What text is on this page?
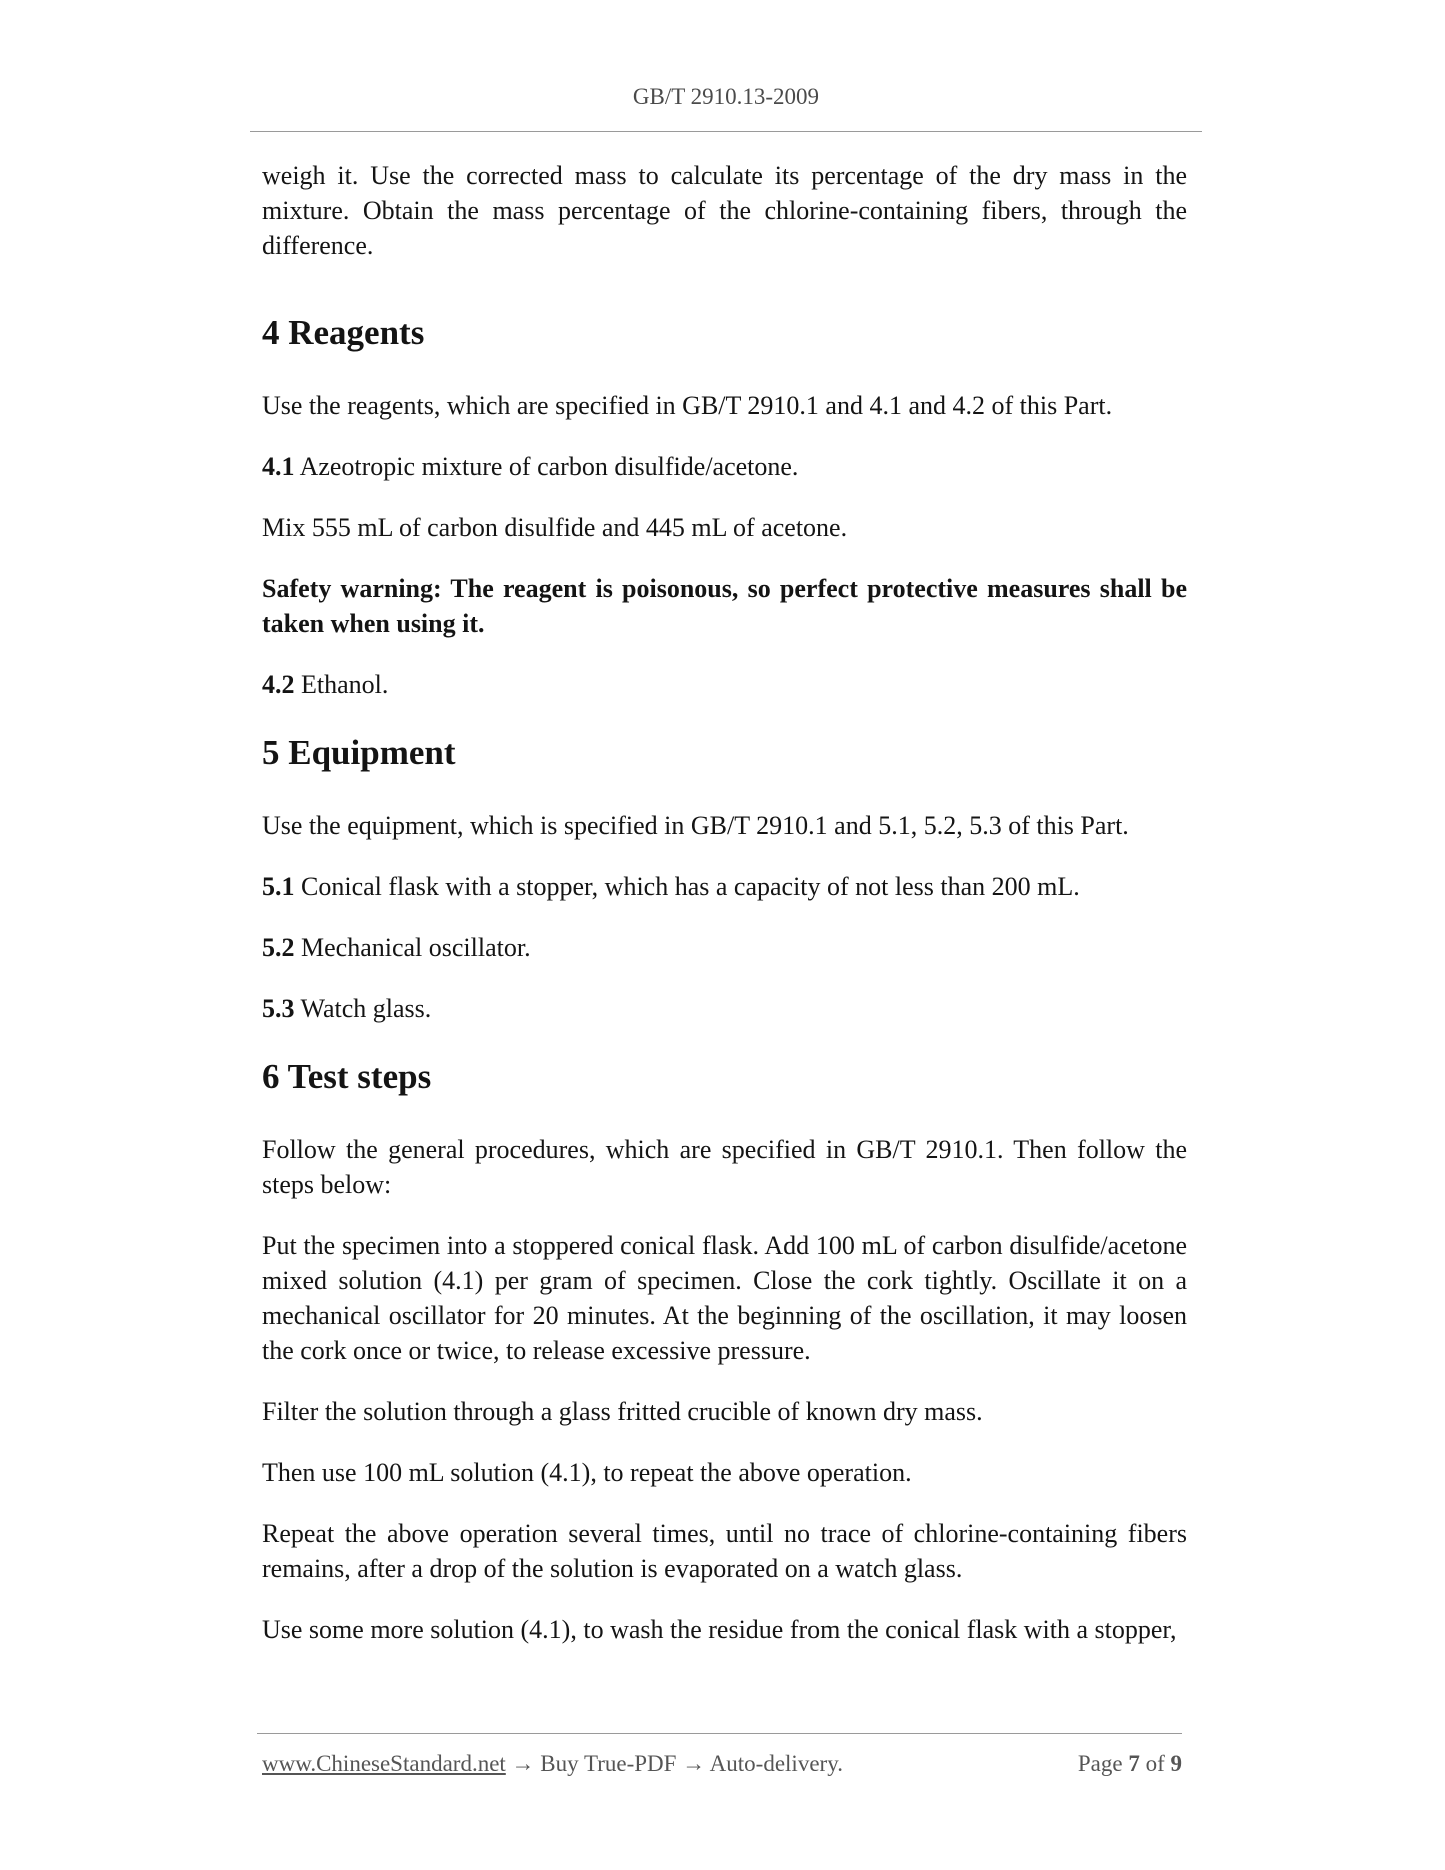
GB/T 2910.13-2009

weigh it. Use the corrected mass to calculate its percentage of the dry mass in the mixture. Obtain the mass percentage of the chlorine-containing fibers, through the difference.

4 Reagents

Use the reagents, which are specified in GB/T 2910.1 and 4.1 and 4.2 of this Part.

4.1 Azeotropic mixture of carbon disulfide/acetone.

Mix 555 mL of carbon disulfide and 445 mL of acetone.

Safety warning: The reagent is poisonous, so perfect protective measures shall be taken when using it.

4.2 Ethanol.

5 Equipment

Use the equipment, which is specified in GB/T 2910.1 and 5.1, 5.2, 5.3 of this Part.

5.1 Conical flask with a stopper, which has a capacity of not less than 200 mL.

5.2 Mechanical oscillator.

5.3 Watch glass.

6 Test steps

Follow the general procedures, which are specified in GB/T 2910.1. Then follow the steps below:

Put the specimen into a stoppered conical flask. Add 100 mL of carbon disulfide/acetone mixed solution (4.1) per gram of specimen. Close the cork tightly. Oscillate it on a mechanical oscillator for 20 minutes. At the beginning of the oscillation, it may loosen the cork once or twice, to release excessive pressure.

Filter the solution through a glass fritted crucible of known dry mass.

Then use 100 mL solution (4.1), to repeat the above operation.

Repeat the above operation several times, until no trace of chlorine-containing fibers remains, after a drop of the solution is evaporated on a watch glass.

Use some more solution (4.1), to wash the residue from the conical flask with a stopper,

www.ChineseStandard.net → Buy True-PDF → Auto-delivery.	Page 7 of 9
